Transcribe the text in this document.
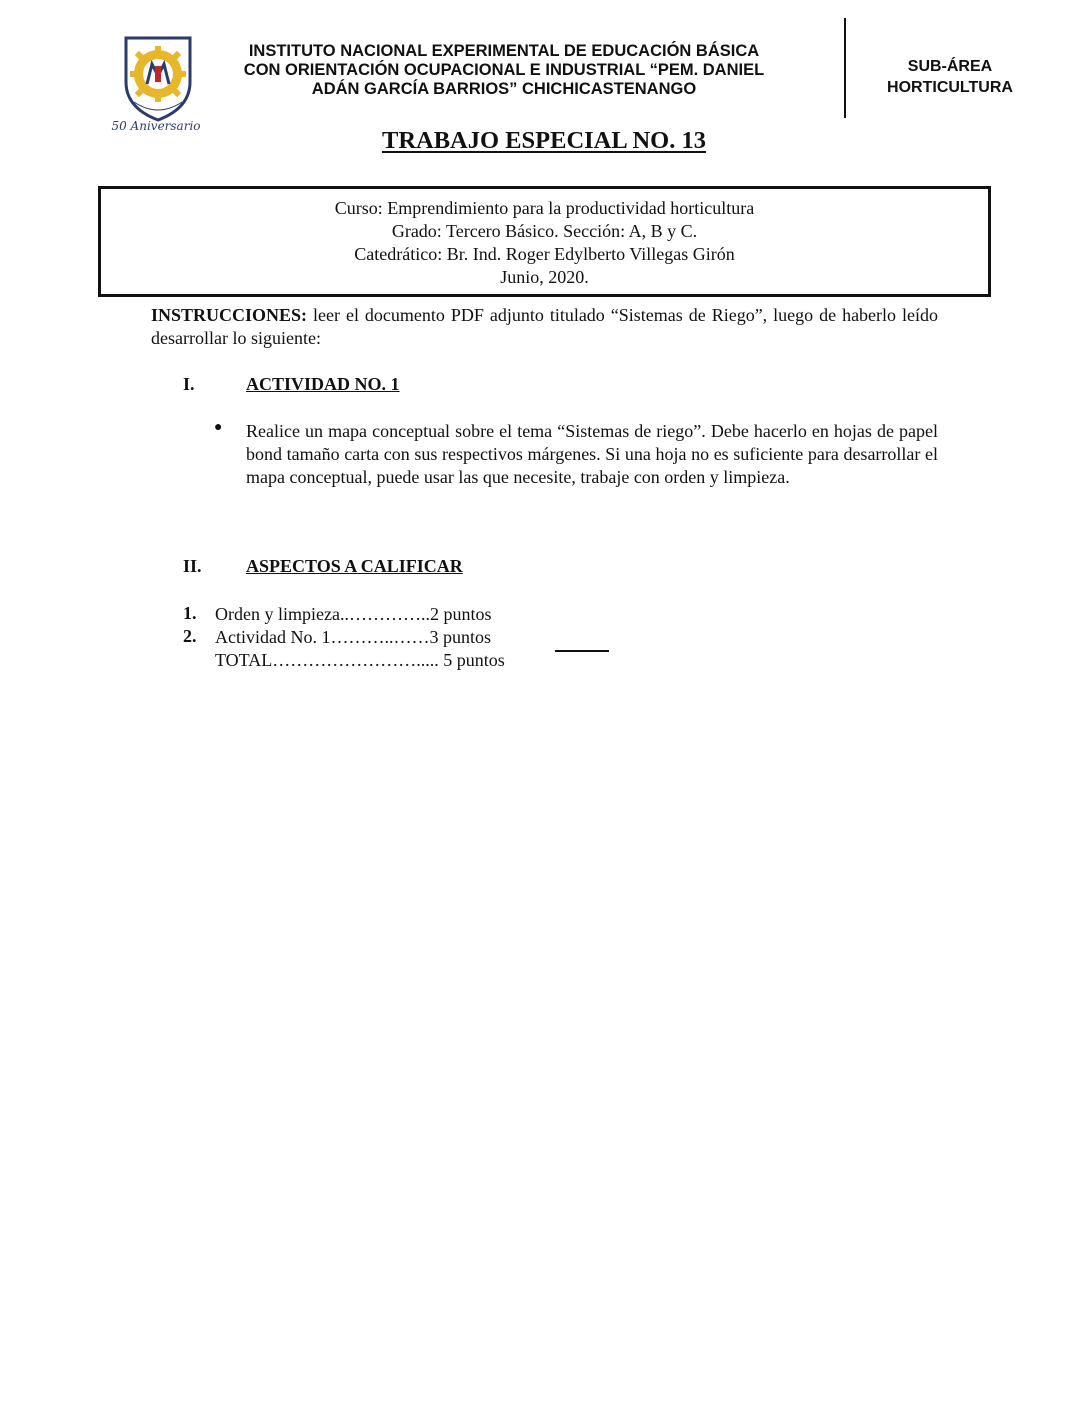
50 Aniversario
INSTITUTO NACIONAL EXPERIMENTAL DE EDUCACIÓN BÁSICA
CON ORIENTACIÓN OCUPACIONAL E INDUSTRIAL “PEM. DANIEL
ADÁN GARCÍA BARRIOS” CHICHICASTENANGO
SUB-ÁREA
HORTICULTURA
TRABAJO ESPECIAL NO. 13
Curso: Emprendimiento para la productividad horticultura
Grado: Tercero Básico. Sección: A, B y C.
Catedrático: Br. Ind. Roger Edylberto Villegas Girón
Junio, 2020.
INSTRUCCIONES: leer el documento PDF adjunto titulado “Sistemas de Riego”, luego de haberlo leído desarrollar lo siguiente:
I.	ACTIVIDAD NO. 1
● Realice un mapa conceptual sobre el tema “Sistemas de riego”. Debe hacerlo en hojas de papel bond tamaño carta con sus respectivos márgenes. Si una hoja no es suficiente para desarrollar el mapa conceptual, puede usar las que necesite, trabaje con orden y limpieza.
II. ASPECTOS A CALIFICAR
1. Orden y limpieza..…………..2 puntos
2. Actividad No. 1………..……3 puntos
TOTAL……………………..... 5 puntos
